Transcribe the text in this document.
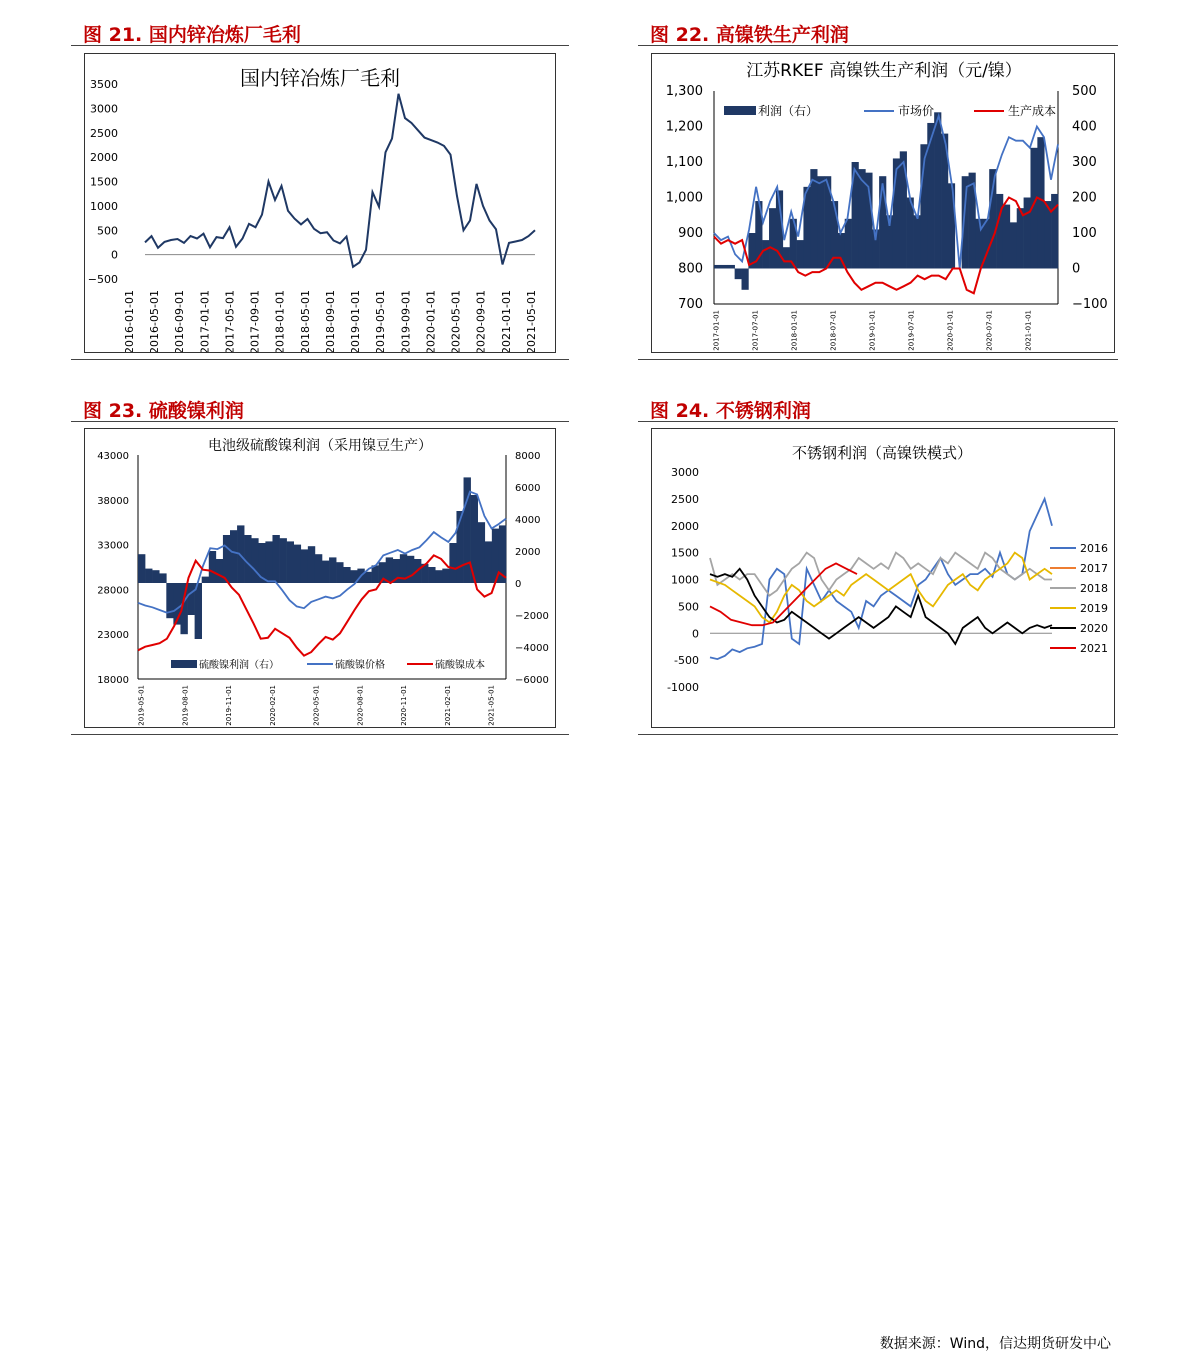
图 21. 国内锌冶炼厂毛利	图 22. 高镍铁生产利润
图 23. 硫酸镍利润	图 24. 不锈钢利润
国内锌冶炼厂毛利
3500
3000
2500
2000
1500
1000
500
0
−500
2016-01-01 2016-05-01 2016-09-01 2017-01-01 2017-05-01 2017-09-01 2018-01-01 2018-05-01 2018-09-01 2019-01-01 2019-05-01 2019-09-01 2020-01-01 2020-05-01 2020-09-01 2021-01-01 2021-05-01
江苏RKEF 高镍铁生产利润（元/镍）
1,300
1,200
1,100
1,000
900
800
700
500
400
300
200
100
0
−100
利润（右）	市场价	生产成本
2017-01-01	2017-07-01	2018-01-01	2018-07-01	2019-01-01	2019-07-01	2020-01-01	2020-07-01	2021-01-01
电池级硫酸镍利润（采用镍豆生产）
43000
38000
33000
28000
23000
18000
8000
6000
4000
2000
0
−2000
−4000
−6000
硫酸镍利润（右）	硫酸镍价格	硫酸镍成本
2019-05-01	2019-08-01	2019-11-01	2020-02-01	2020-05-01	2020-08-01	2020-11-01	2021-02-01	2021-05-01
不锈钢利润（高镍铁模式）
3000
2500
2000
1500
1000
500
0
-500
-1000
2016
2017
2018
2019
2020
2021
数据来源：Wind，信达期货研发中心
